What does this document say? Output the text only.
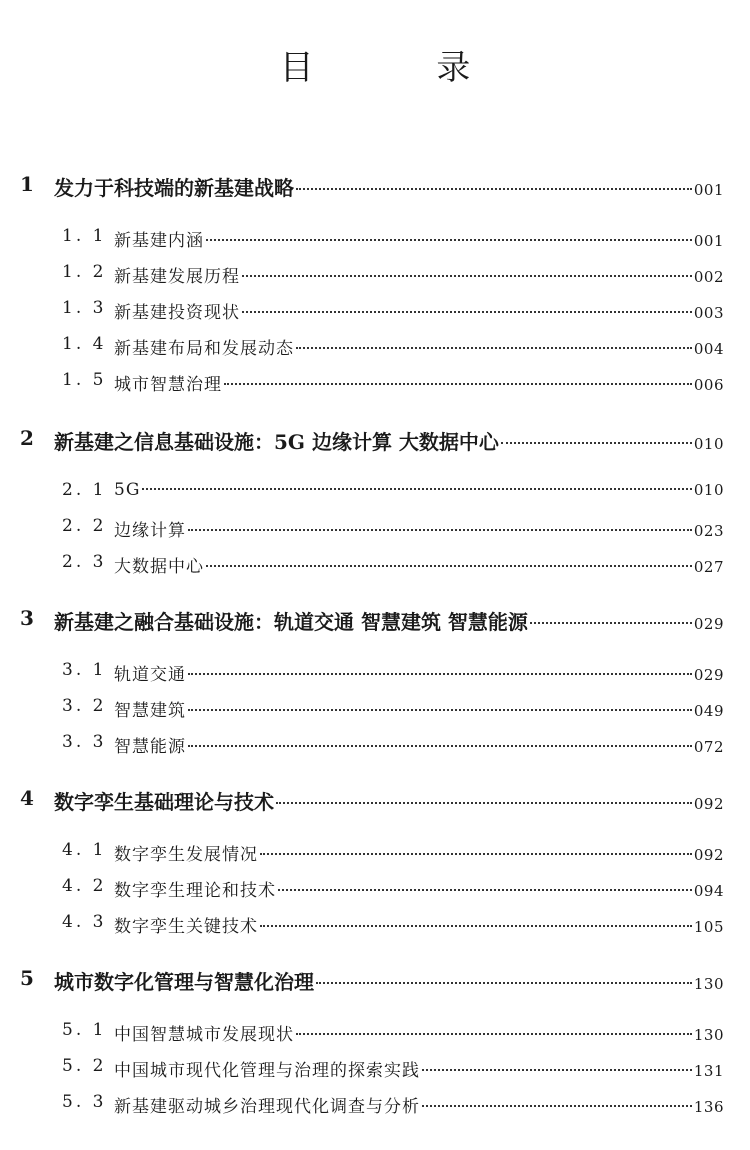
目 录
1	发力于科技端的新基建战略	001
1. 1 新基建内涵	001
1. 2 新基建发展历程	002
1. 3 新基建投资现状	003
1. 4 新基建布局和发展动态	004
1. 5 城市智慧治理	006
2	新基建之信息基础设施：5G 边缘计算 大数据中心	010
2. 1 5G	010
2. 2 边缘计算	023
2. 3 大数据中心	027
3	新基建之融合基础设施：轨道交通 智慧建筑 智慧能源	029
3. 1 轨道交通	029
3. 2 智慧建筑	049
3. 3 智慧能源	072
4	数字孪生基础理论与技术	092
4. 1 数字孪生发展情况	092
4. 2 数字孪生理论和技术	094
4. 3 数字孪生关键技术	105
5	城市数字化管理与智慧化治理	130
5. 1 中国智慧城市发展现状	130
5. 2 中国城市现代化管理与治理的探索实践	131
5. 3 新基建驱动城乡治理现代化调查与分析	136
